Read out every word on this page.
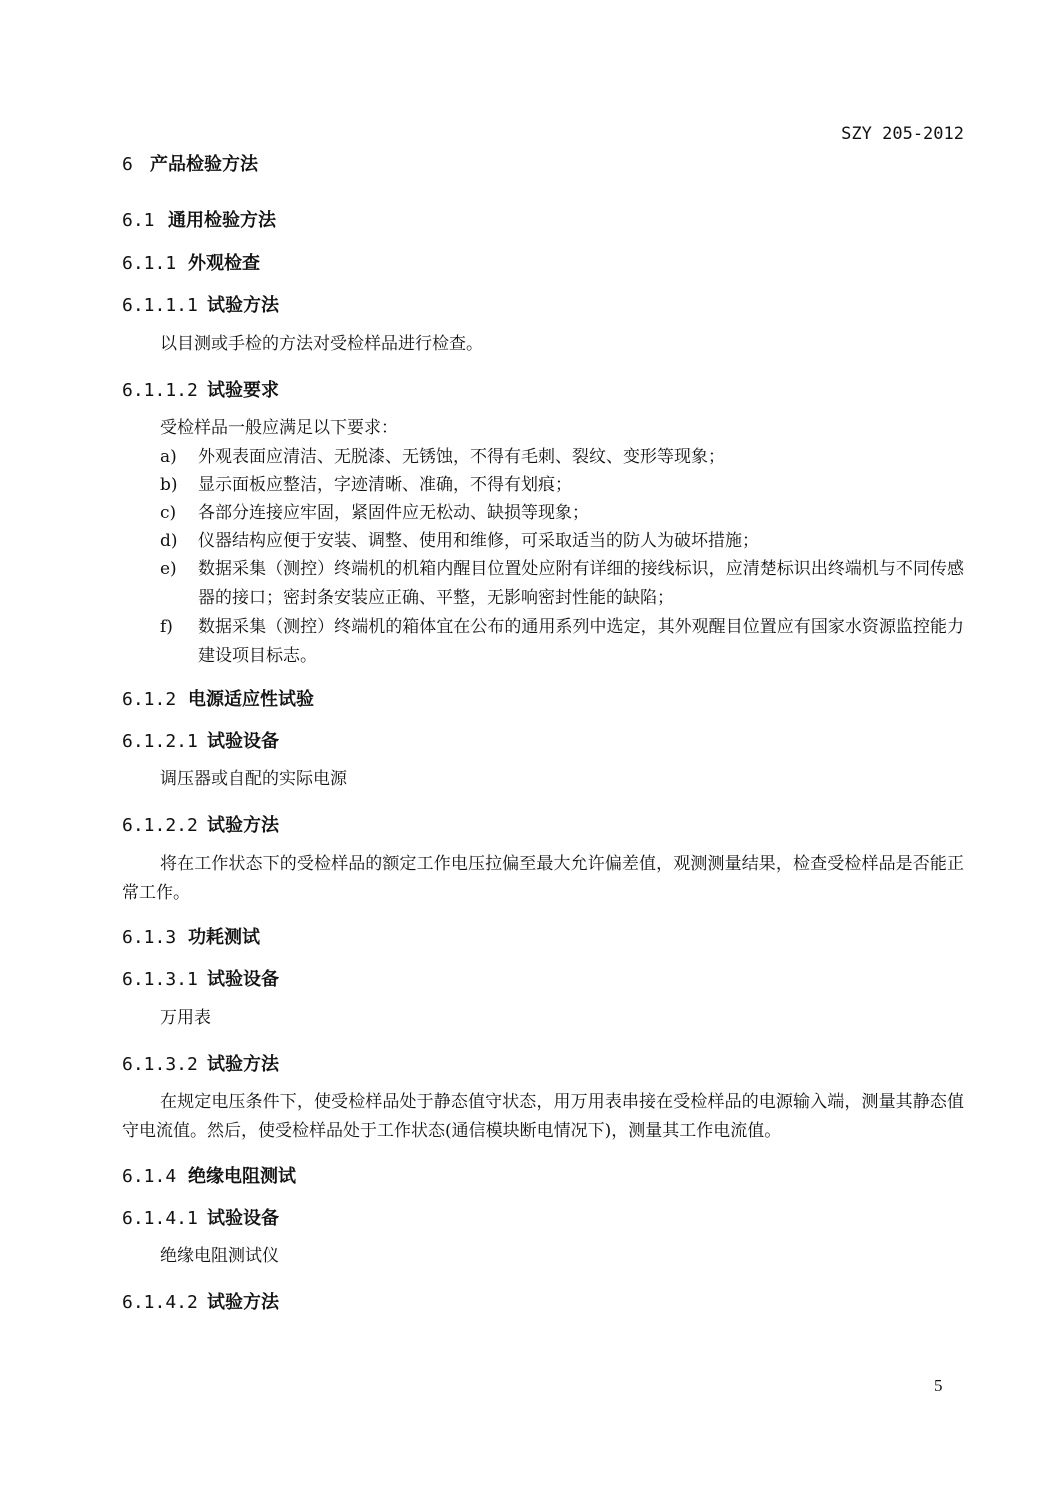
SZY 205-2012
6 产品检验方法
6.1 通用检验方法
6.1.1 外观检查
6.1.1.1 试验方法
以目测或手检的方法对受检样品进行检查。
6.1.1.2 试验要求
受检样品一般应满足以下要求：
a) 外观表面应清洁、无脱漆、无锈蚀，不得有毛刺、裂纹、变形等现象；
b) 显示面板应整洁，字迹清晰、准确，不得有划痕；
c) 各部分连接应牢固，紧固件应无松动、缺损等现象；
d) 仪器结构应便于安装、调整、使用和维修，可采取适当的防人为破坏措施；
e) 数据采集（测控）终端机的机箱内醒目位置处应附有详细的接线标识，应清楚标识出终端机与不同传感器的接口；密封条安装应正确、平整，无影响密封性能的缺陷；
f) 数据采集（测控）终端机的箱体宜在公布的通用系列中选定，其外观醒目位置应有国家水资源监控能力建设项目标志。
6.1.2 电源适应性试验
6.1.2.1 试验设备
调压器或自配的实际电源
6.1.2.2 试验方法
将在工作状态下的受检样品的额定工作电压拉偏至最大允许偏差值，观测测量结果，检查受检样品是否能正常工作。
6.1.3 功耗测试
6.1.3.1 试验设备
万用表
6.1.3.2 试验方法
在规定电压条件下，使受检样品处于静态值守状态，用万用表串接在受检样品的电源输入端，测量其静态值守电流值。然后，使受检样品处于工作状态(通信模块断电情况下)，测量其工作电流值。
6.1.4 绝缘电阻测试
6.1.4.1 试验设备
绝缘电阻测试仪
6.1.4.2 试验方法
5
